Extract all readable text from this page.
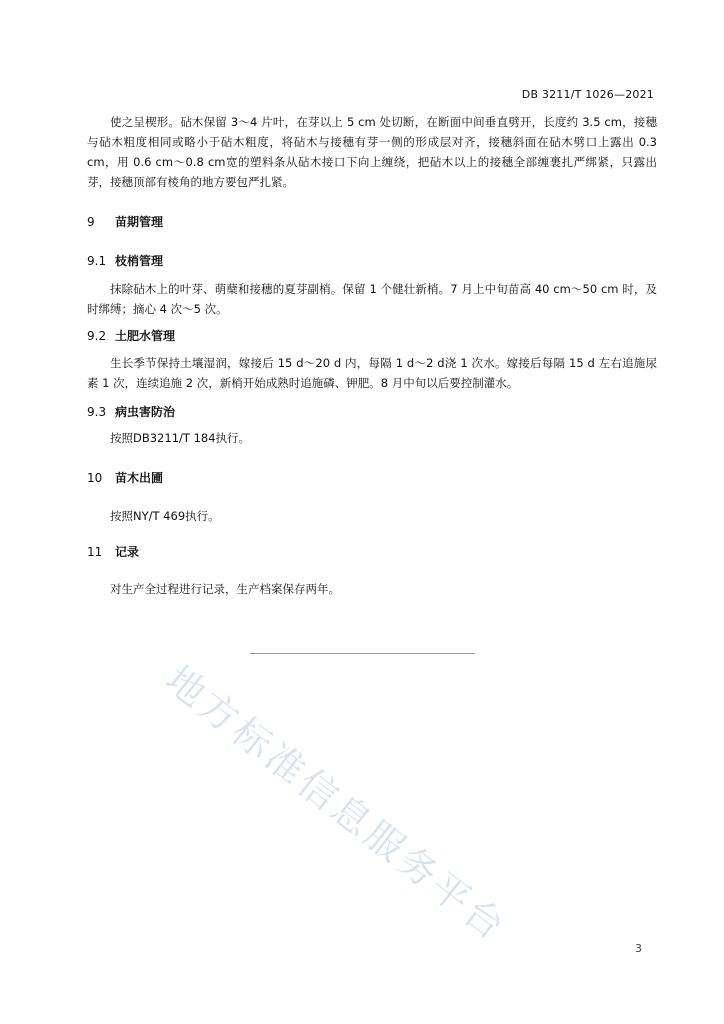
DB 3211/T 1026—2021

使之呈楔形。砧木保留 3～4 片叶，在芽以上 5 cm 处切断，在断面中间垂直劈开，长度约 3.5 cm，接穗与砧木粗度相同或略小于砧木粗度，将砧木与接穗有芽一侧的形成层对齐，接穗斜面在砧木劈口上露出 0.3 cm，用 0.6 cm～0.8 cm宽的塑料条从砧木接口下向上缠绕，把砧木以上的接穗全部缠裹扎严绑紧，只露出芽，接穗顶部有棱角的地方要包严扎紧。

9 苗期管理
9.1 枝梢管理

抹除砧木上的叶芽、萌蘖和接穗的夏芽副梢。保留 1 个健壮新梢。7 月上中旬苗高 40 cm～50 cm 时，及时绑缚；摘心 4 次～5 次。

9.2 土肥水管理

生长季节保持土壤湿润，嫁接后 15 d～20 d 内，每隔 1 d～2 d浇 1 次水。嫁接后每隔 15 d 左右追施尿素 1 次，连续追施 2 次，新梢开始成熟时追施磷、钾肥。8 月中旬以后要控制灌水。

9.3 病虫害防治

按照DB3211/T 184执行。

10 苗木出圃

按照NY/T 469执行。

11 记录

对生产全过程进行记录，生产档案保存两年。

地方标准信息服务平台	3
